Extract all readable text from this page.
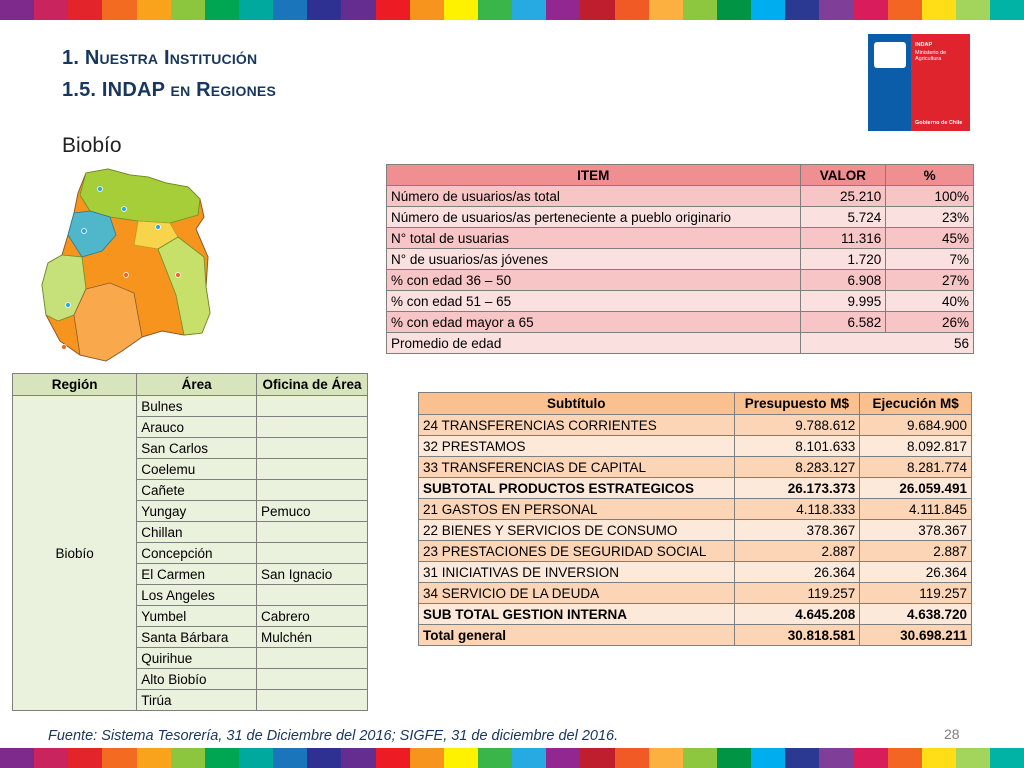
1. Nuestra Institución
1.5. INDAP en Regiones
Biobío
INDAP
Ministerio de
Agricultura
Gobierno de Chile
ITEM	VALOR	%
Número de usuarios/as total	25.210	100%
Número de usuarios/as perteneciente a pueblo originario	5.724	23%
N° total de usuarias	11.316	45%
N° de usuarios/as jóvenes	1.720	7%
% con edad 36 – 50	6.908	27%
% con edad 51 – 65	9.995	40%
% con edad mayor a 65	6.582	26%
Promedio de edad	56	
Región	Área	Oficina de Área
Biobío	Bulnes	
	Arauco	
	San Carlos	
	Coelemu	
	Cañete	
	Yungay	Pemuco
	Chillan	
	Concepción	
	El Carmen	San Ignacio
	Los Angeles	
	Yumbel	Cabrero
	Santa Bárbara	Mulchén
	Quirihue	
	Alto Biobío	
	Tirúa	
Subtítulo	Presupuesto M$	Ejecución M$
24 TRANSFERENCIAS CORRIENTES	9.788.612	9.684.900
32 PRESTAMOS	8.101.633	8.092.817
33 TRANSFERENCIAS DE CAPITAL	8.283.127	8.281.774
SUBTOTAL PRODUCTOS ESTRATEGICOS	26.173.373	26.059.491
21 GASTOS EN PERSONAL	4.118.333	4.111.845
22 BIENES Y SERVICIOS DE CONSUMO	378.367	378.367
23 PRESTACIONES DE SEGURIDAD SOCIAL	2.887	2.887
31 INICIATIVAS DE INVERSION	26.364	26.364
34 SERVICIO DE LA DEUDA	119.257	119.257
SUB TOTAL GESTION INTERNA	4.645.208	4.638.720
Total general	30.818.581	30.698.211
Fuente: Sistema Tesorería, 31 de Diciembre del 2016; SIGFE, 31 de diciembre del 2016.	28
